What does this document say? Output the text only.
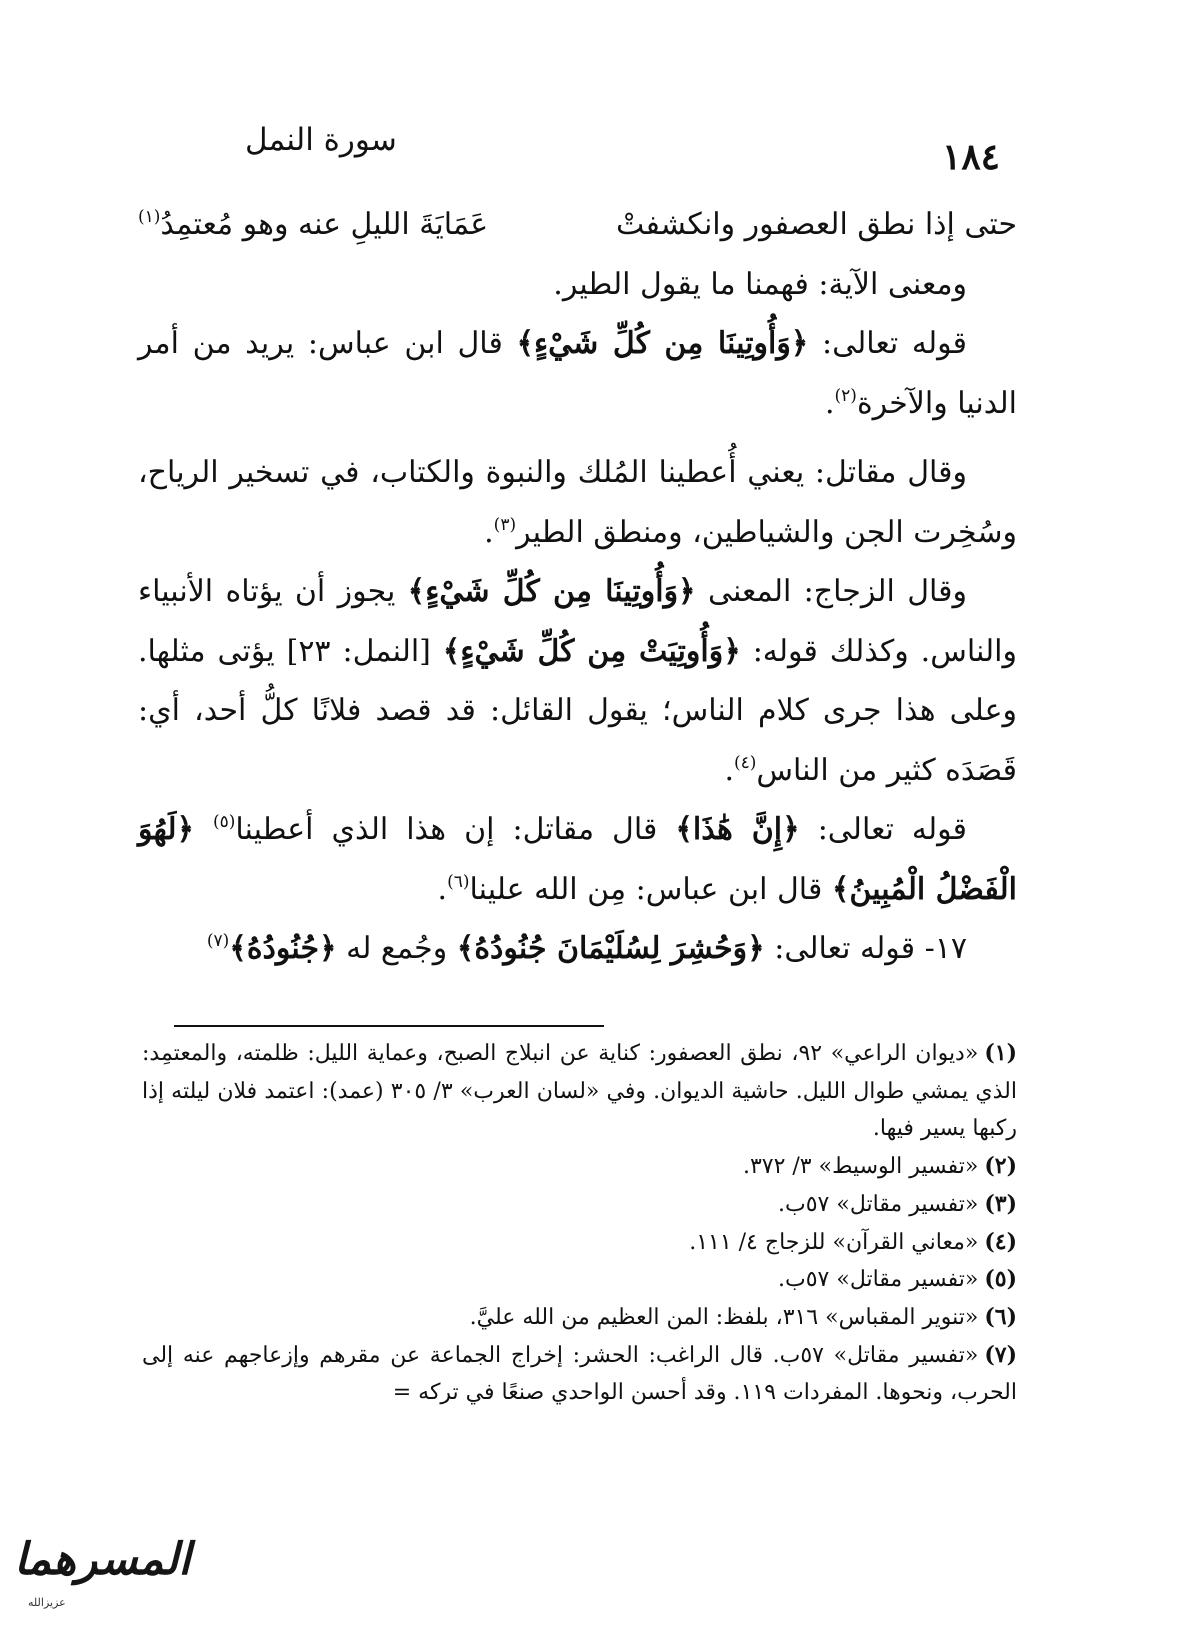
١٨٤
سورة النمل

حتى إذا نطق العصفور وانكشفتْ
عَمَايَةَ الليلِ عنه وهو مُعتمِدُ$^{(١)}$

ومعنى الآية: فهمنا ما يقول الطير.

قوله تعالى: ﴿وَأُوتِينَا مِن كُلِّ شَيْءٍ﴾ قال ابن عباس: يريد من أمر الدنيا والآخرة$^{(٢)}$.

وقال مقاتل: يعني أُعطينا المُلك والنبوة والكتاب، في تسخير الرياح، وسُخِرت الجن والشياطين، ومنطق الطير$^{(٣)}$.

وقال الزجاج: المعنى ﴿وَأُوتِينَا مِن كُلِّ شَيْءٍ﴾ يجوز أن يؤتاه الأنبياء والناس. وكذلك قوله: ﴿وَأُوتِيَتْ مِن كُلِّ شَيْءٍ﴾ [النمل: ٢٣] يؤتى مثلها. وعلى هذا جرى كلام الناس؛ يقول القائل: قد قصد فلانًا كلُّ أحد، أي: قَصَدَه كثير من الناس$^{(٤)}$.

قوله تعالى: ﴿إِنَّ هَٰذَا﴾ قال مقاتل: إن هذا الذي أعطينا$^{(٥)}$ ﴿لَهُوَ الْفَضْلُ الْمُبِينُ﴾ قال ابن عباس: مِن الله علينا$^{(٦)}$.

١٧- قوله تعالى: ﴿وَحُشِرَ لِسُلَيْمَانَ جُنُودُهُ﴾ وجُمع له ﴿جُنُودُهُ﴾$^{(٧)}$

(١)«ديوان الراعي» ٩٢، نطق العصفور: كناية عن انبلاج الصبح، وعماية الليل: ظلمته، والمعتمِد: الذي يمشي طوال الليل. حاشية الديوان. وفي «لسان العرب» ٣/ ٣٠٥ (عمد): اعتمد فلان ليلته إذا ركبها يسير فيها.

(٢)«تفسير الوسيط» ٣/ ٣٧٢.

(٣)«تفسير مقاتل» ٥٧ب.

(٤)«معاني القرآن» للزجاج ٤/ ١١١.

(٥)«تفسير مقاتل» ٥٧ب.

(٦)«تنوير المقباس» ٣١٦، بلفظ: المن العظيم من الله عليَّ.

(٧)«تفسير مقاتل» ٥٧ب. قال الراغب: الحشر: إخراج الجماعة عن مقرهم وإزعاجهم عنه إلى الحرب، ونحوها. المفردات ١١٩. وقد أحسن الواحدي صنعًا في تركه =

المسرهما
عزيزالله
